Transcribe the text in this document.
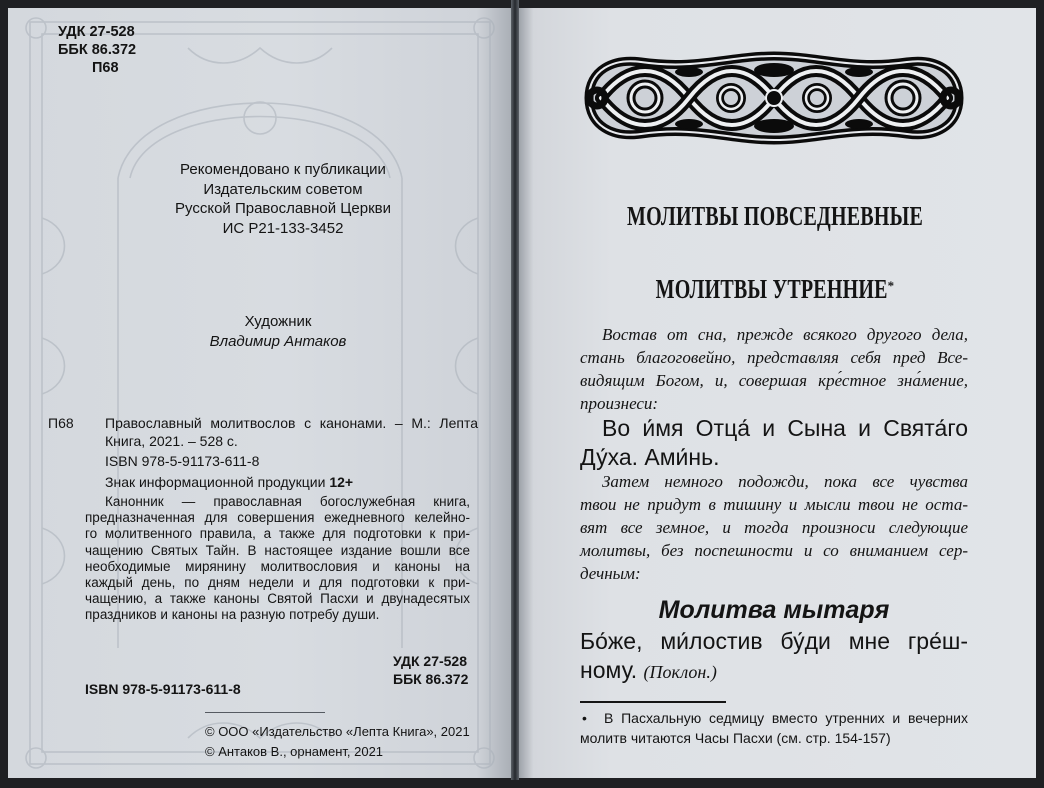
УДК 27-528
ББК 86.372
П68
Рекомендовано к публикации
Издательским советом
Русской Православной Церкви
ИС Р21-133-3452
Художник
Владимир Антаков
П68 Православный молитвослов с канонами. – М.: Лепта
Книга, 2021. – 528 с.
ISBN 978-5-91173-611-8
Знак информационной продукции 12+
Канонник — православная богослужебная книга,
предназначенная для совершения ежедневного келейно-
го молитвенного правила, а также для подготовки к при-
чащению Святых Тайн. В настоящее издание вошли все
необходимые мирянину молитвословия и каноны на
каждый день, по дням недели и для подготовки к при-
чащению, а также каноны Святой Пасхи и двунадесятых
праздников и каноны на разную потребу души.
УДК 27-528
ББК 86.372
ISBN 978-5-91173-611-8
© ООО «Издательство «Лепта Книга», 2021
© Антаков В., орнамент, 2021
МОЛИТВЫ ПОВСЕДНЕВНЫЕ
МОЛИТВЫ УТРЕННИЕ*
Востав от сна, прежде всякого другого дела,
стань благоговейно, представляя себя пред Все-
видящим Богом, и, совершая кре́стное зна́мение,
произнеси:
Во и́мя Отца́ и Сына и Свята́го
Ду́ха. Ами́нь.
Затем немного подожди, пока все чувства
твои не придут в тишину и мысли твои не оста-
вят все земное, и тогда произноси следующие
молитвы, без поспешности и со вниманием сер-
дечным:
Молитва мытаря
Бо́же, ми́лостив бу́ди мне гре́ш-
ному. (Поклон.)
• В Пасхальную седмицу вместо утренних и вечерних
молитв читаются Часы Пасхи (см. стр. 154-157)
